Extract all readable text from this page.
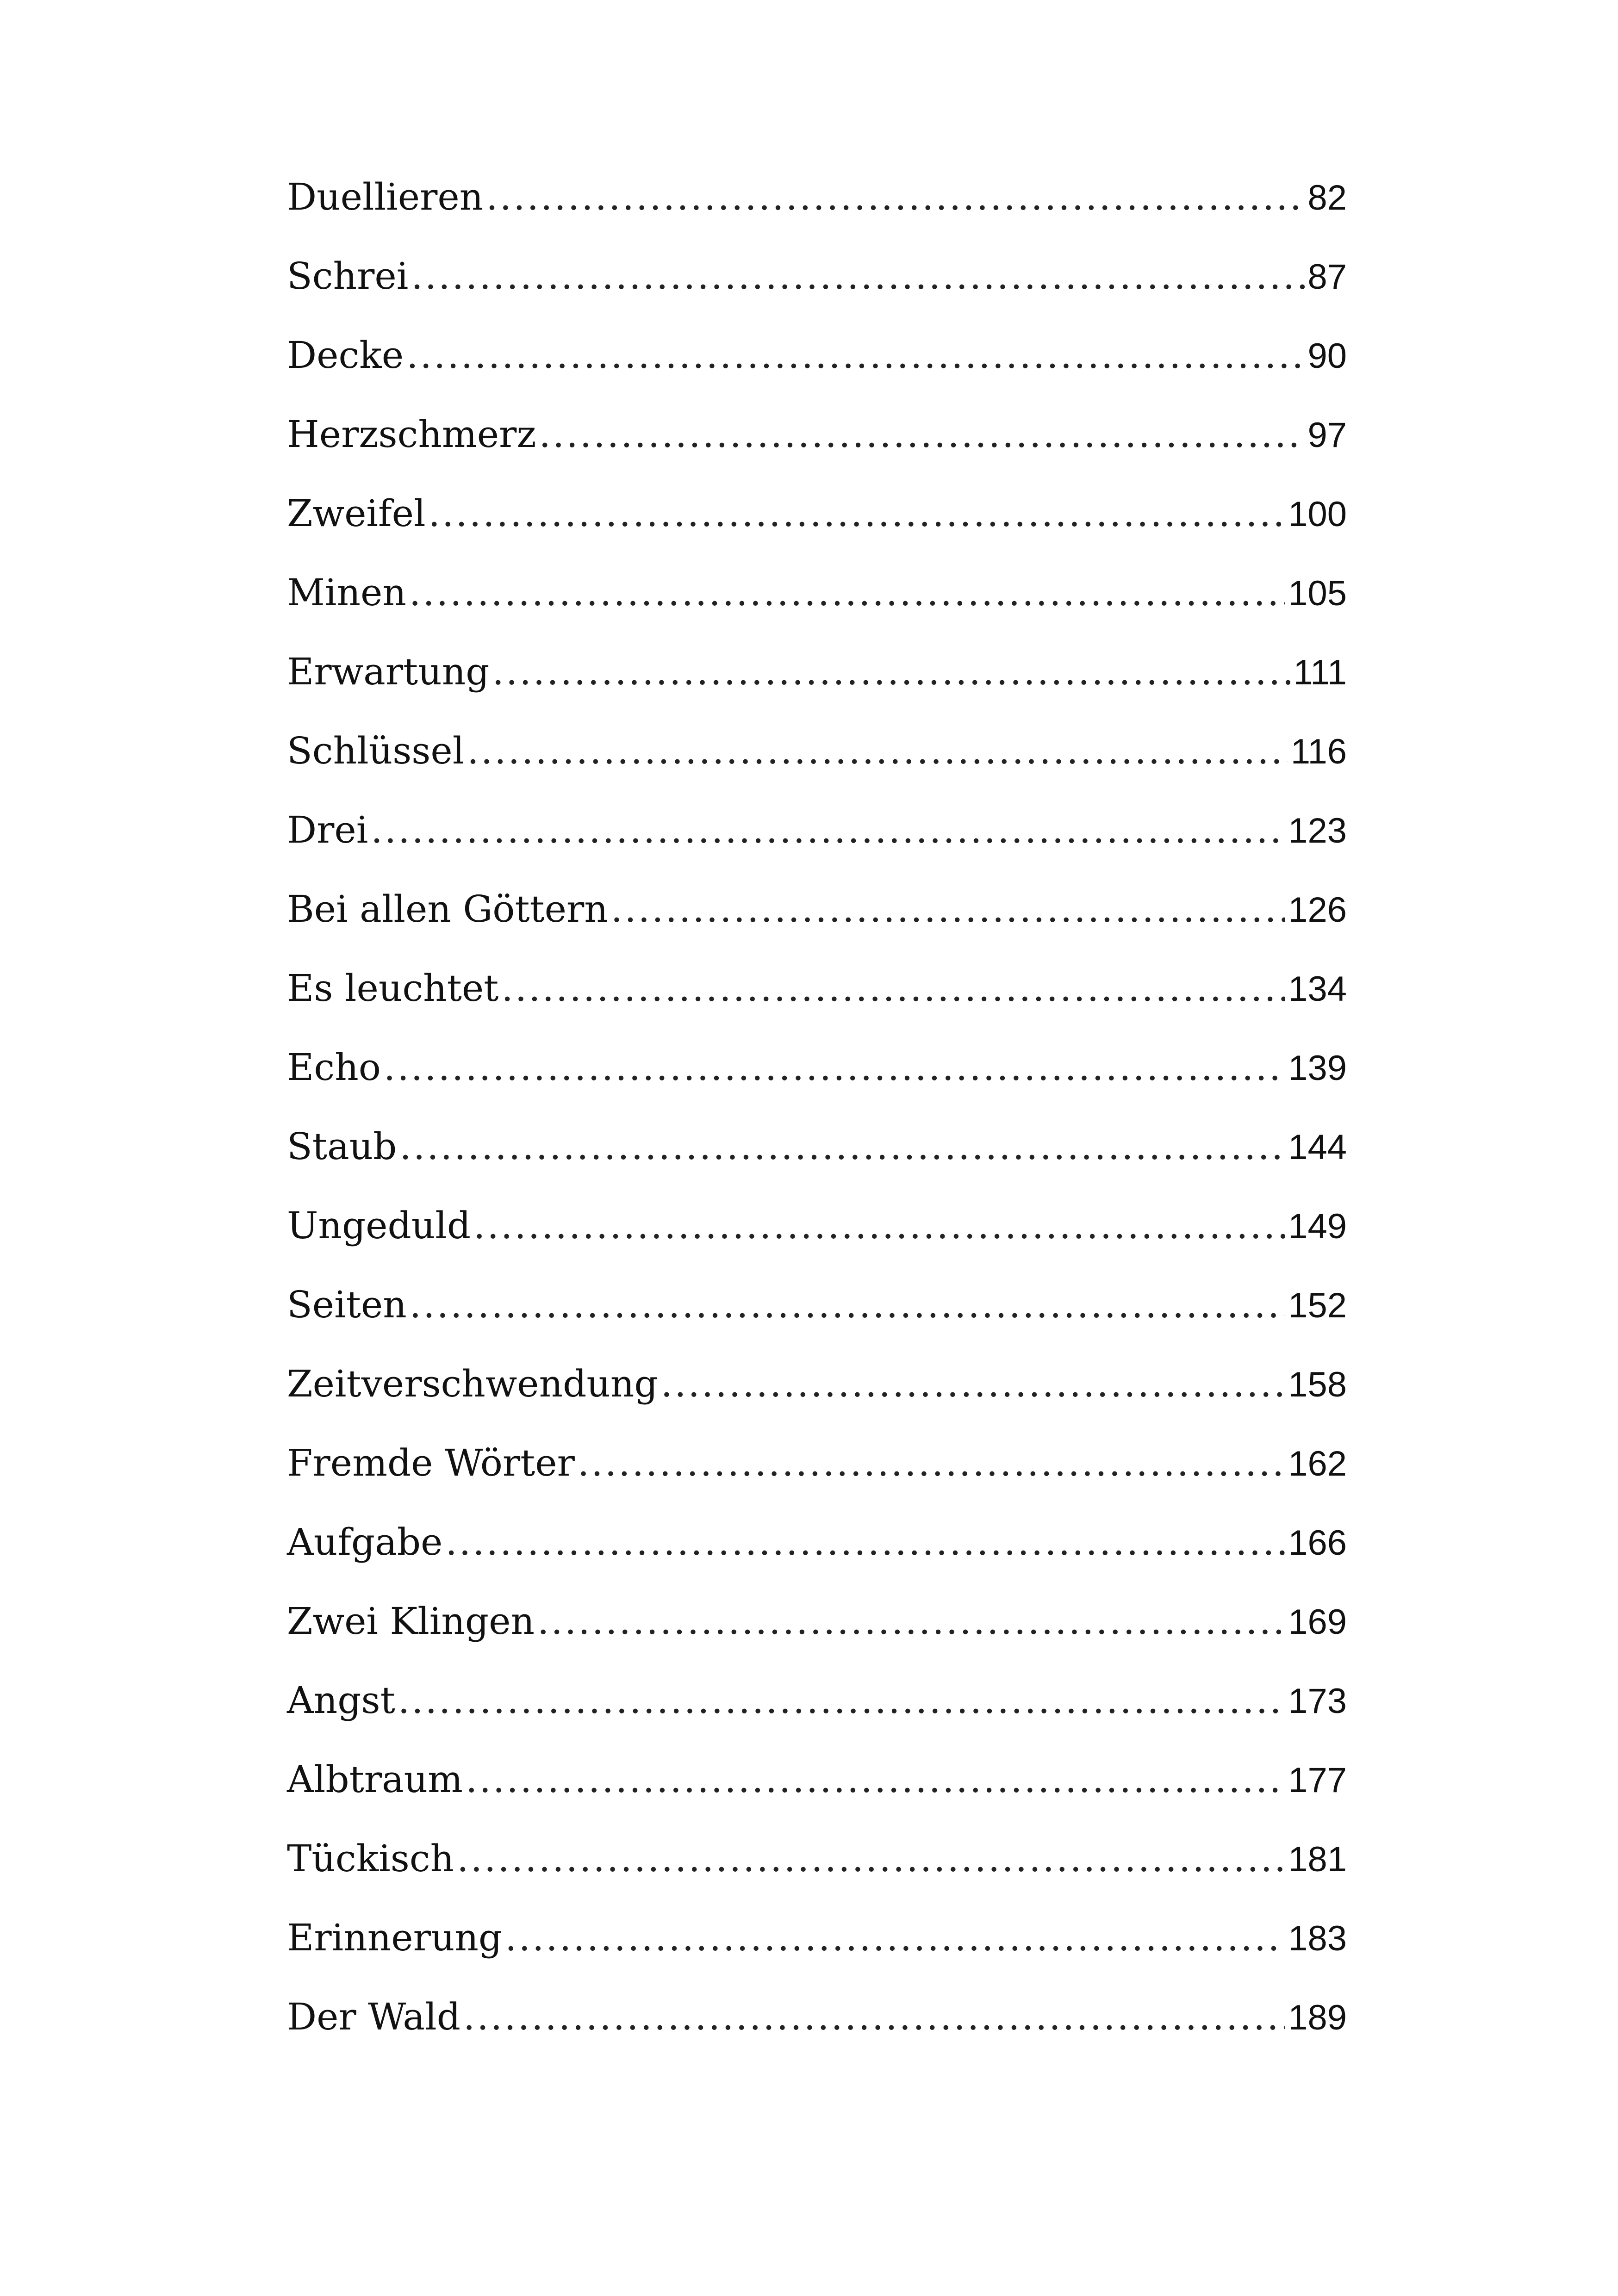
Duellieren .....	82
Schrei .....	87
Decke .....	90
Herzschmerz .....	97
Zweifel .....	100
Minen .....	105
Erwartung .....	111
Schlüssel .....	116
Drei .....	123
Bei allen Göttern .....	126
Es leuchtet .....	134
Echo .....	139
Staub .....	144
Ungeduld .....	149
Seiten .....	152
Zeitverschwendung .....	158
Fremde Wörter .....	162
Aufgabe .....	166
Zwei Klingen .....	169
Angst .....	173
Albtraum .....	177
Tückisch .....	181
Erinnerung .....	183
Der Wald .....	189
